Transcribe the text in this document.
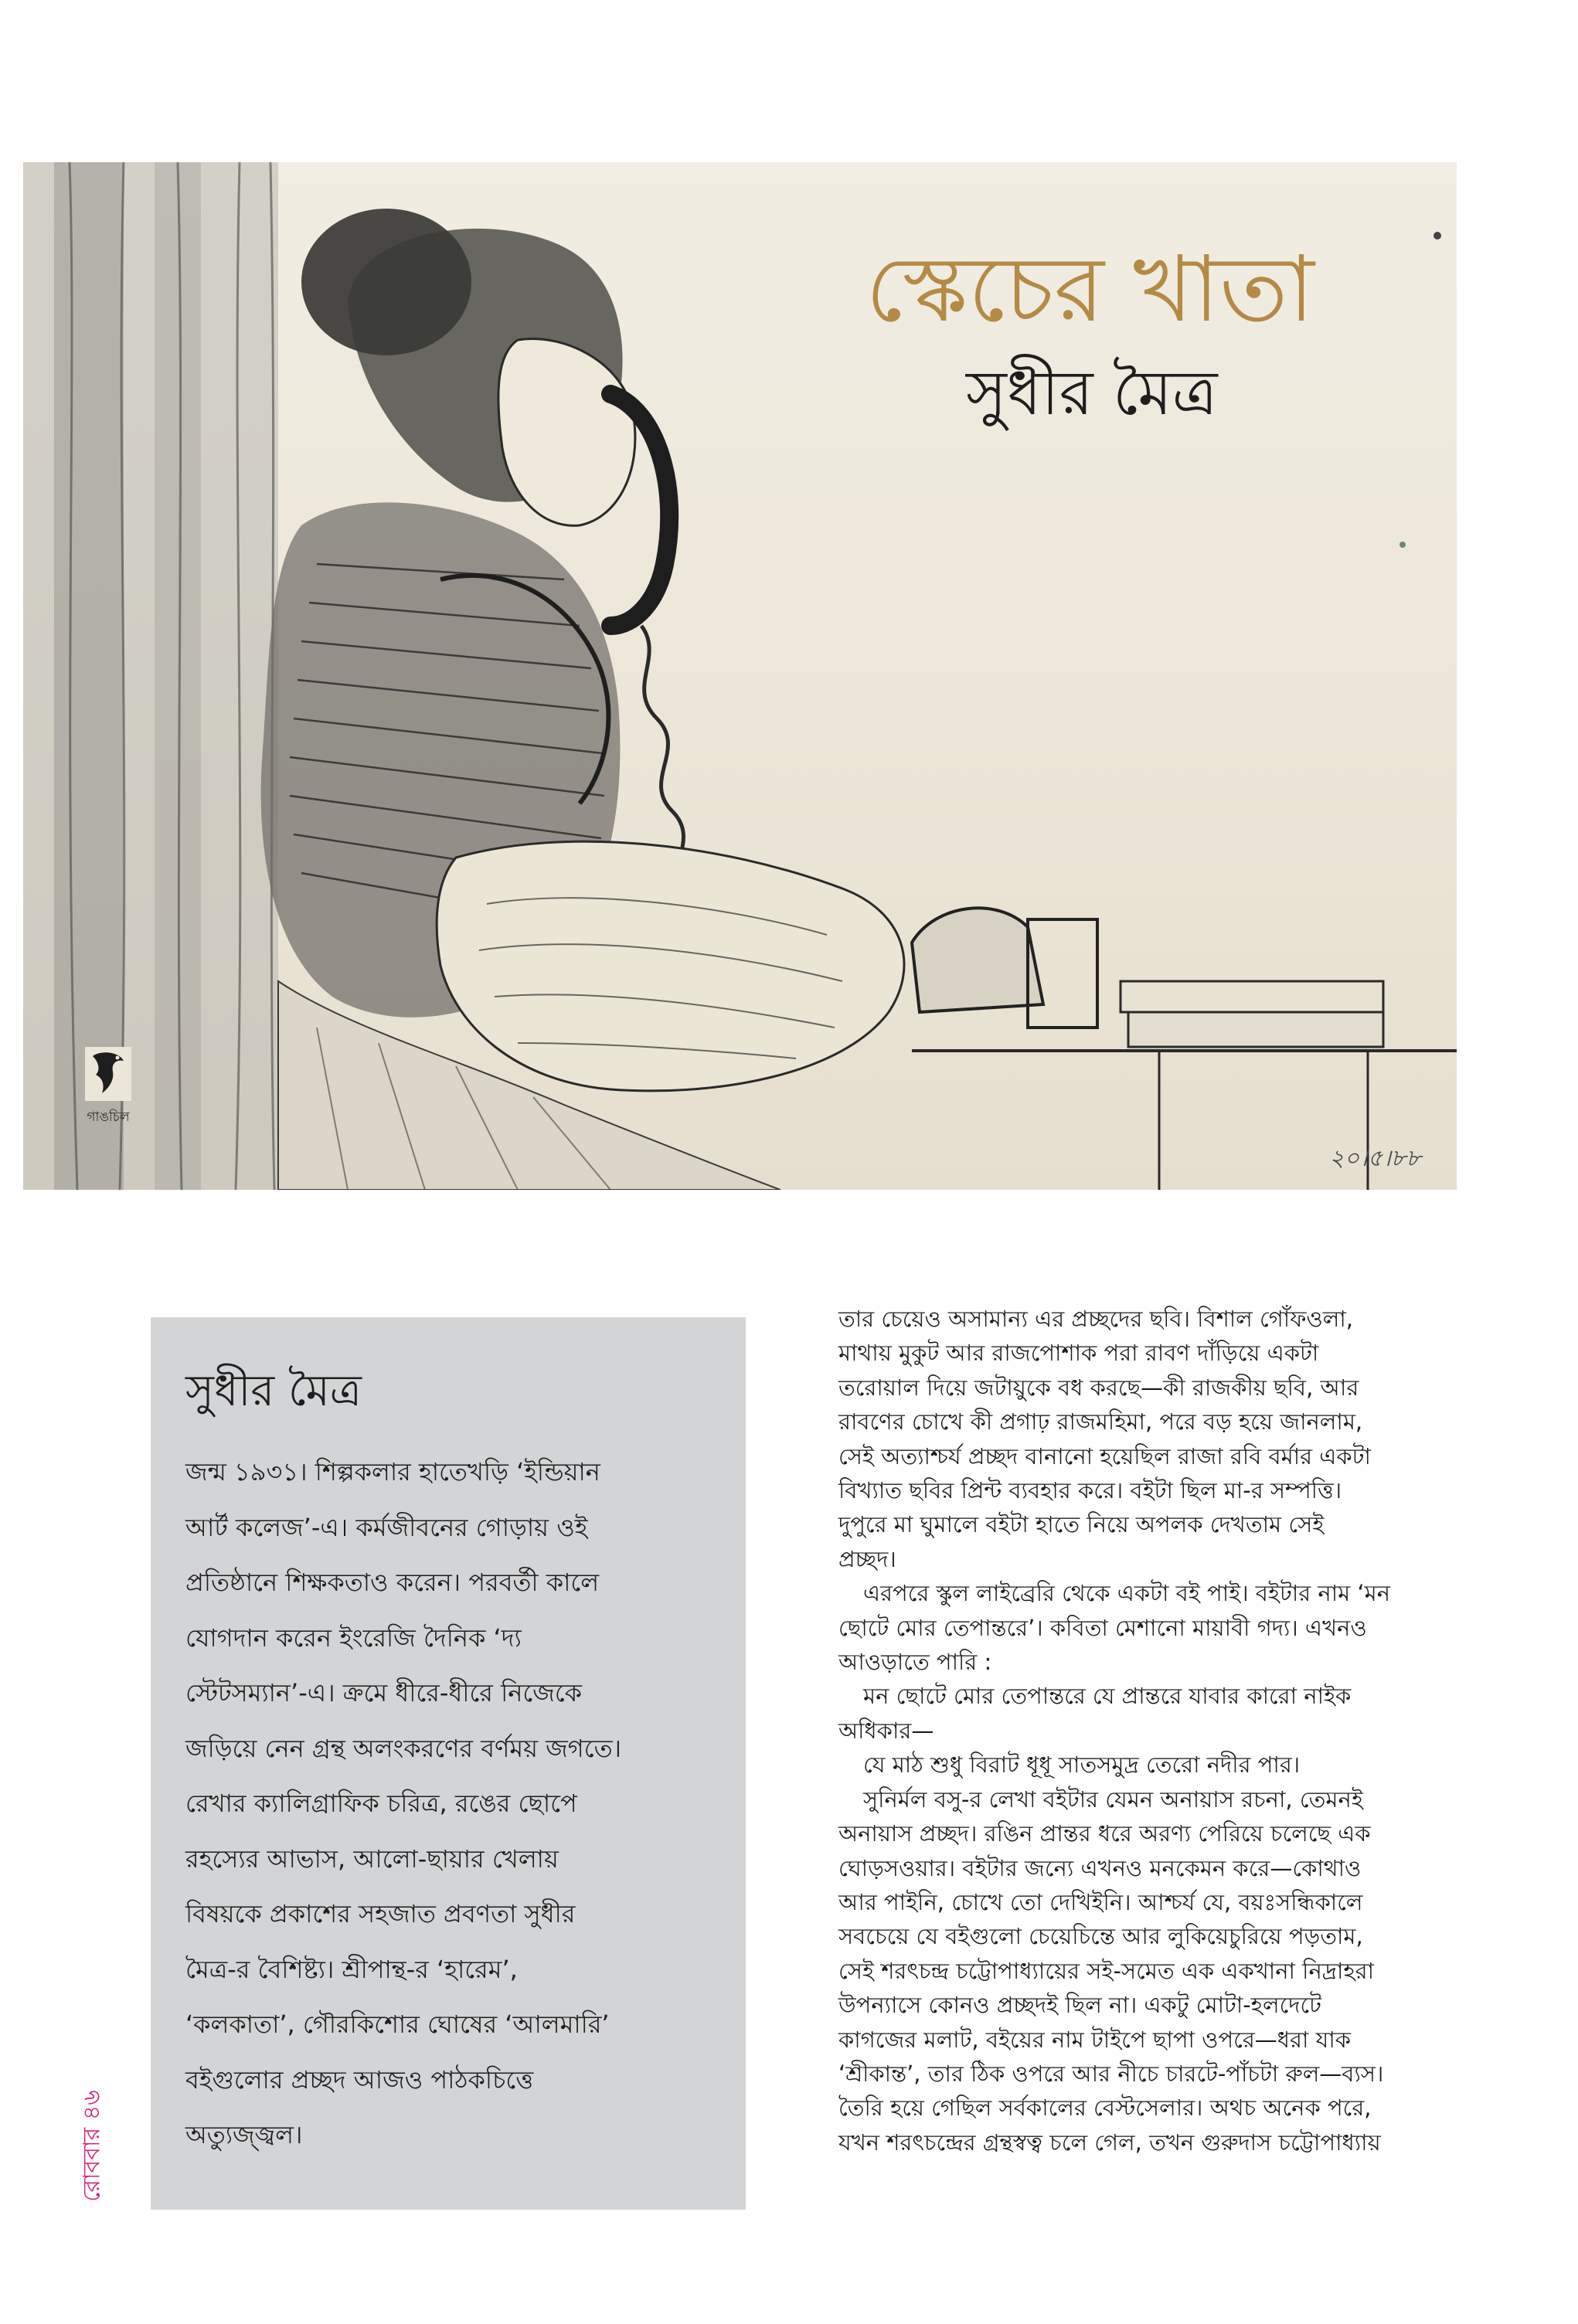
স্কেচের খাতা
সুধীর মৈত্র
গাঙচিল
২০।৫।৮৮
সুধীর মৈত্র

জন্ম ১৯৩১। শিল্পকলার হাতেখড়ি ‘ইন্ডিয়ান
আর্ট কলেজ’-এ। কর্মজীবনের গোড়ায় ওই
প্রতিষ্ঠানে শিক্ষকতাও করেন। পরবর্তী কালে
যোগদান করেন ইংরেজি দৈনিক ‘দ্য
স্টেটসম্যান’-এ। ক্রমে ধীরে-ধীরে নিজেকে
জড়িয়ে নেন গ্রন্থ অলংকরণের বর্ণময় জগতে।
রেখার ক্যালিগ্রাফিক চরিত্র, রঙের ছোপে
রহস্যের আভাস, আলো-ছায়ার খেলায়
বিষয়কে প্রকাশের সহজাত প্রবণতা সুধীর
মৈত্র-র বৈশিষ্ট্য। শ্রীপান্থ-র ‘হারেম’,
‘কলকাতা’, গৌরকিশোর ঘোষের ‘আলমারি’
বইগুলোর প্রচ্ছদ আজও পাঠকচিত্তে
অত্যুজ্জ্বল।

রোববার ৪৬

তার চেয়েও অসামান্য এর প্রচ্ছদের ছবি। বিশাল গোঁফওলা,
মাথায় মুকুট আর রাজপোশাক পরা রাবণ দাঁড়িয়ে একটা
তরোয়াল দিয়ে জটায়ুকে বধ করছে—কী রাজকীয় ছবি, আর
রাবণের চোখে কী প্রগাঢ় রাজমহিমা, পরে বড় হয়ে জানলাম,
সেই অত্যাশ্চর্য প্রচ্ছদ বানানো হয়েছিল রাজা রবি বর্মার একটা
বিখ্যাত ছবির প্রিন্ট ব্যবহার করে। বইটা ছিল মা-র সম্পত্তি।
দুপুরে মা ঘুমালে বইটা হাতে নিয়ে অপলক দেখতাম সেই
প্রচ্ছদ।
এরপরে স্কুল লাইব্রেরি থেকে একটা বই পাই। বইটার নাম ‘মন
ছোটে মোর তেপান্তরে’। কবিতা মেশানো মায়াবী গদ্য। এখনও
আওড়াতে পারি :
মন ছোটে মোর তেপান্তরে যে প্রান্তরে যাবার কারো নাইক
অধিকার—
যে মাঠ শুধু বিরাট ধূধূ সাতসমুদ্র তেরো নদীর পার।
সুনির্মল বসু-র লেখা বইটার যেমন অনায়াস রচনা, তেমনই
অনায়াস প্রচ্ছদ। রঙিন প্রান্তর ধরে অরণ্য পেরিয়ে চলেছে এক
ঘোড়সওয়ার। বইটার জন্যে এখনও মনকেমন করে—কোথাও
আর পাইনি, চোখে তো দেখিইনি। আশ্চর্য যে, বয়ঃসন্ধিকালে
সবচেয়ে যে বইগুলো চেয়েচিন্তে আর লুকিয়েচুরিয়ে পড়তাম,
সেই শরৎচন্দ্র চট্টোপাধ্যায়ের সই-সমেত এক একখানা নিদ্রাহরা
উপন্যাসে কোনও প্রচ্ছদই ছিল না। একটু মোটা-হলদেটে
কাগজের মলাট, বইয়ের নাম টাইপে ছাপা ওপরে—ধরা যাক
‘শ্রীকান্ত’, তার ঠিক ওপরে আর নীচে চারটে-পাঁচটা রুল—ব্যস।
তৈরি হয়ে গেছিল সর্বকালের বেস্টসেলার। অথচ অনেক পরে,
যখন শরৎচন্দ্রের গ্রন্থস্বত্ব চলে গেল, তখন গুরুদাস চট্টোপাধ্যায়
